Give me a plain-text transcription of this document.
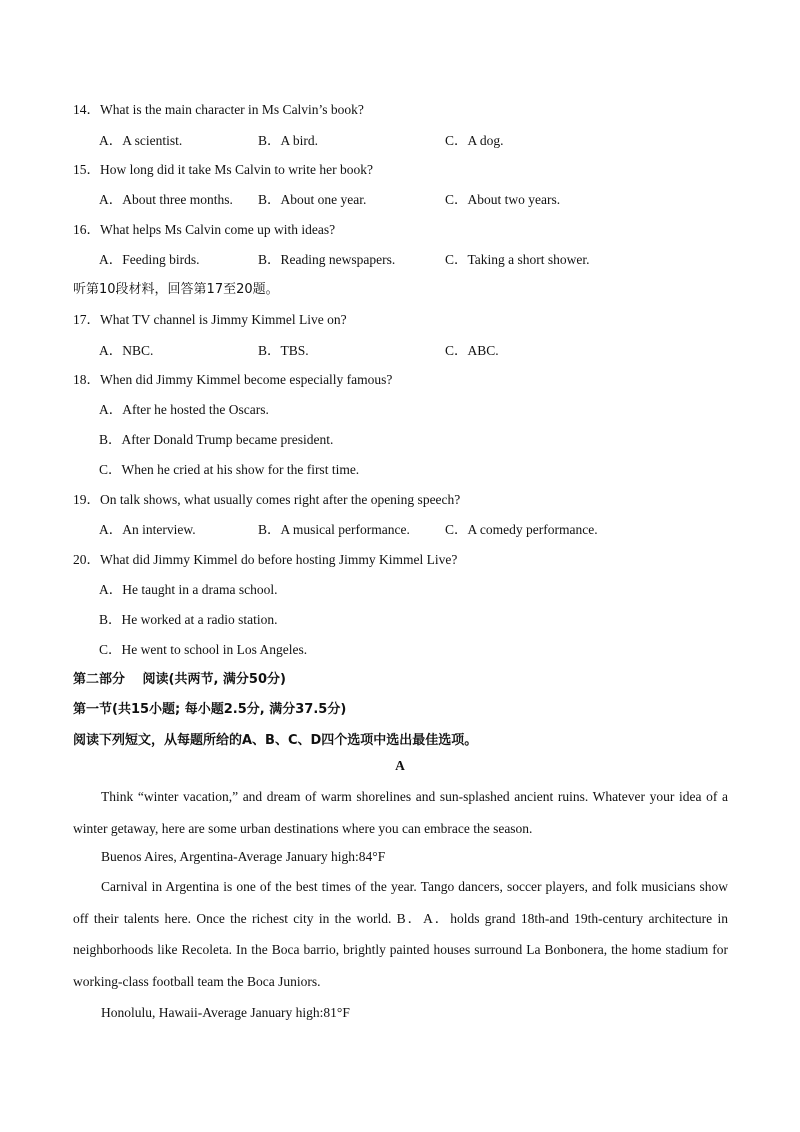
14．What is the main character in Ms Calvin’s book?
A．A scientist.	B．A bird.	C．A dog.
15．How long did it take Ms Calvin to write her book?
A．About three months. B．About one year.	C．About two years.
16．What helps Ms Calvin come up with ideas?
A．Feeding birds.	B．Reading newspapers.	C．Taking a short shower.
听第10段材料，回答第17至20题。
17．What TV channel is Jimmy Kimmel Live on?
A．NBC.	B．TBS.	C．ABC.
18．When did Jimmy Kimmel become especially famous?
A．After he hosted the Oscars.
B．After Donald Trump became president.
C．When he cried at his show for the first time.
19．On talk shows, what usually comes right after the opening speech?
A．An interview.	B．A musical performance.	C．A comedy performance.
20．What did Jimmy Kimmel do before hosting Jimmy Kimmel Live?
A．He taught in a drama school.
B．He worked at a radio station.
C．He went to school in Los Angeles.
第二部分　 阅读(共两节, 满分50分)
第一节(共15小题; 每小题2.5分, 满分37.5分)
阅读下列短文，从每题所给的A、B、C、D四个选项中选出最佳选项。
A

Think “winter vacation,” and dream of warm shorelines and sun-splashed ancient ruins. Whatever your idea of a winter getaway, here are some urban destinations where you can embrace the season.

Buenos Aires, Argentina-Average January high:84°F

Carnival in Argentina is one of the best times of the year. Tango dancers, soccer players, and folk musicians show off their talents here. Once the richest city in the world. B．A．holds grand 18th-and 19th-century architecture in neighborhoods like Recoleta. In the Boca barrio, brightly painted houses surround La Bonbonera, the home stadium for working-class football team the Boca Juniors.

Honolulu, Hawaii-Average January high:81°F
